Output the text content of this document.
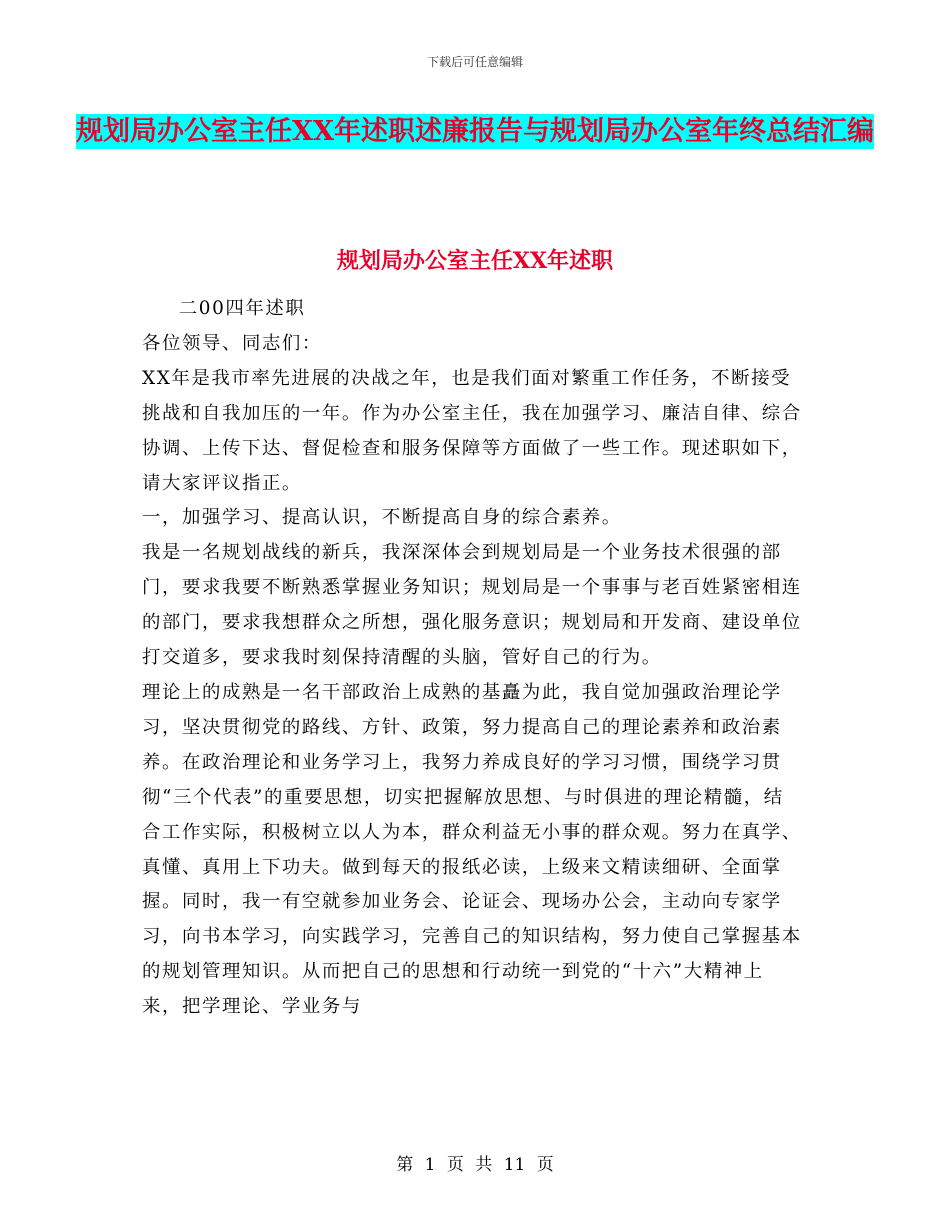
下载后可任意编辑
规划局办公室主任XX年述职述廉报告与规划局办公室年终总结汇编
规划局办公室主任XX年述职

二00四年述职

各位领导、同志们：

XX年是我市率先进展的决战之年，也是我们面对繁重工作任务，不断接受挑战和自我加压的一年。作为办公室主任，我在加强学习、廉洁自律、综合协调、上传下达、督促检查和服务保障等方面做了一些工作。现述职如下，请大家评议指正。

一，加强学习、提高认识，不断提高自身的综合素养。

我是一名规划战线的新兵，我深深体会到规划局是一个业务技术很强的部门，要求我要不断熟悉掌握业务知识；规划局是一个事事与老百姓紧密相连的部门，要求我想群众之所想，强化服务意识；规划局和开发商、建设单位打交道多，要求我时刻保持清醒的头脑，管好自己的行为。

理论上的成熟是一名干部政治上成熟的基矗为此，我自觉加强政治理论学习，坚决贯彻党的路线、方针、政策，努力提高自己的理论素养和政治素养。在政治理论和业务学习上，我努力养成良好的学习习惯，围绕学习贯彻“三个代表”的重要思想，切实把握解放思想、与时俱进的理论精髓，结合工作实际，积极树立以人为本，群众利益无小事的群众观。努力在真学、真懂、真用上下功夫。做到每天的报纸必读，上级来文精读细研、全面掌握。同时，我一有空就参加业务会、论证会、现场办公会，主动向专家学习，向书本学习，向实践学习，完善自己的知识结构，努力使自己掌握基本的规划管理知识。从而把自己的思想和行动统一到党的“十六”大精神上来，把学理论、学业务与

第 1 页 共 11 页
